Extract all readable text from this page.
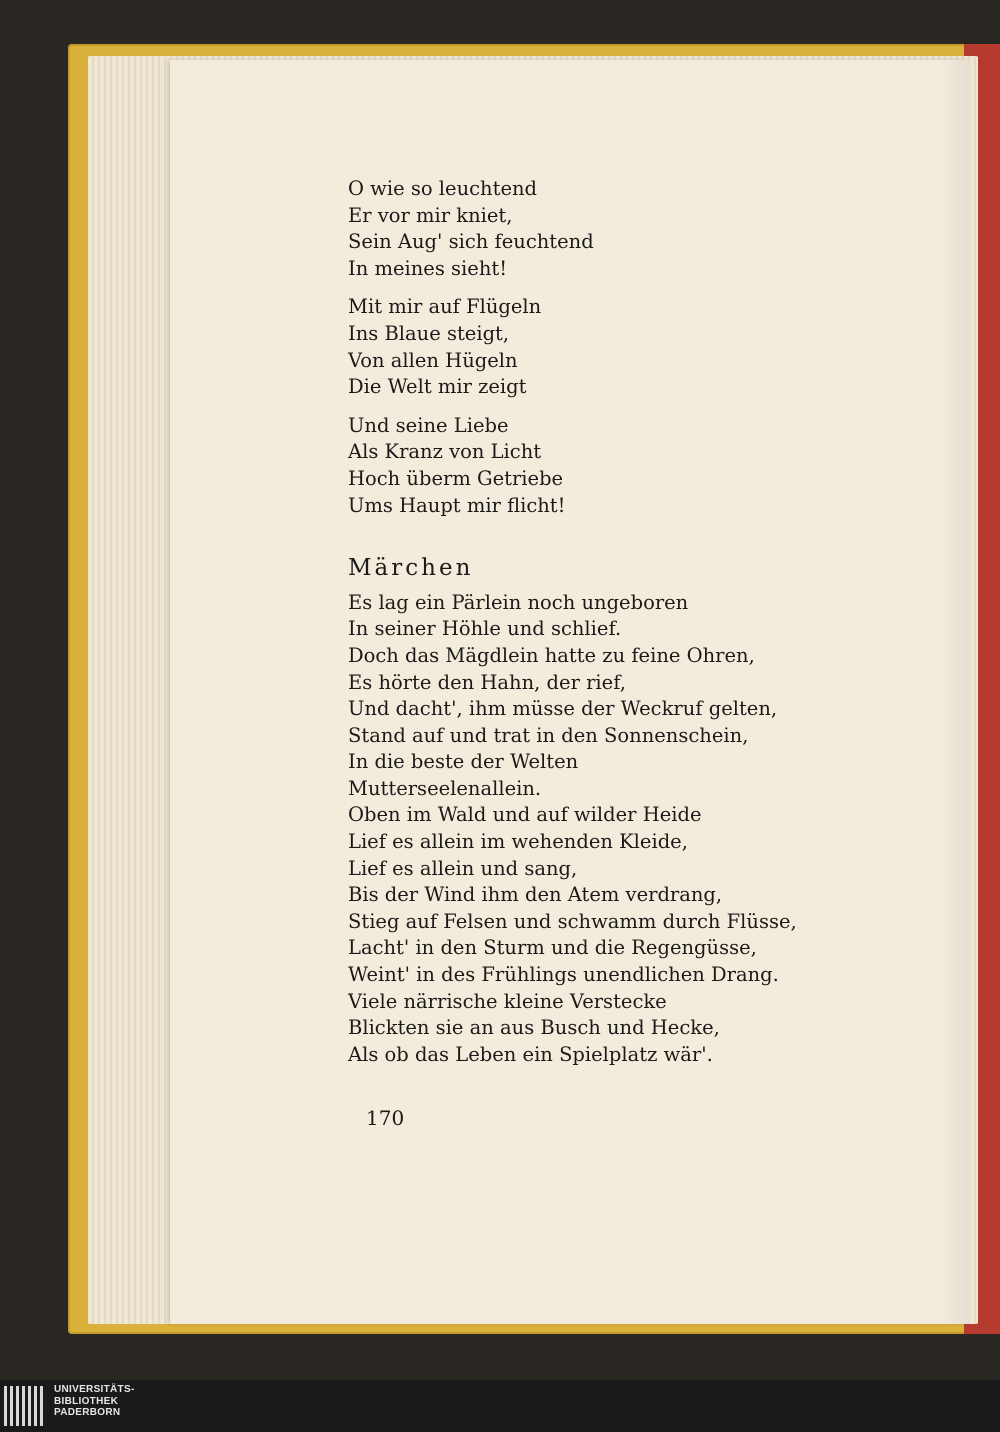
O wie so leuchtend
Er vor mir kniet,
Sein Aug' sich feuchtend
In meines sieht!
Mit mir auf Flügeln
Ins Blaue steigt,
Von allen Hügeln
Die Welt mir zeigt
Und seine Liebe
Als Kranz von Licht
Hoch überm Getriebe
Ums Haupt mir flicht!
Märchen
Es lag ein Pärlein noch ungeboren
In seiner Höhle und schlief.
Doch das Mägdlein hatte zu feine Ohren,
Es hörte den Hahn, der rief,
Und dacht', ihm müsse der Weckruf gelten,
Stand auf und trat in den Sonnenschein,
In die beste der Welten
Mutterseelenallein.
Oben im Wald und auf wilder Heide
Lief es allein im wehenden Kleide,
Lief es allein und sang,
Bis der Wind ihm den Atem verdrang,
Stieg auf Felsen und schwamm durch Flüsse,
Lacht' in den Sturm und die Regengüsse,
Weint' in des Frühlings unendlichen Drang.
Viele närrische kleine Verstecke
Blickten sie an aus Busch und Hecke,
Als ob das Leben ein Spielplatz wär'.
170
UNIVERSITÄTS-
BIBLIOTHEK
PADERBORN
